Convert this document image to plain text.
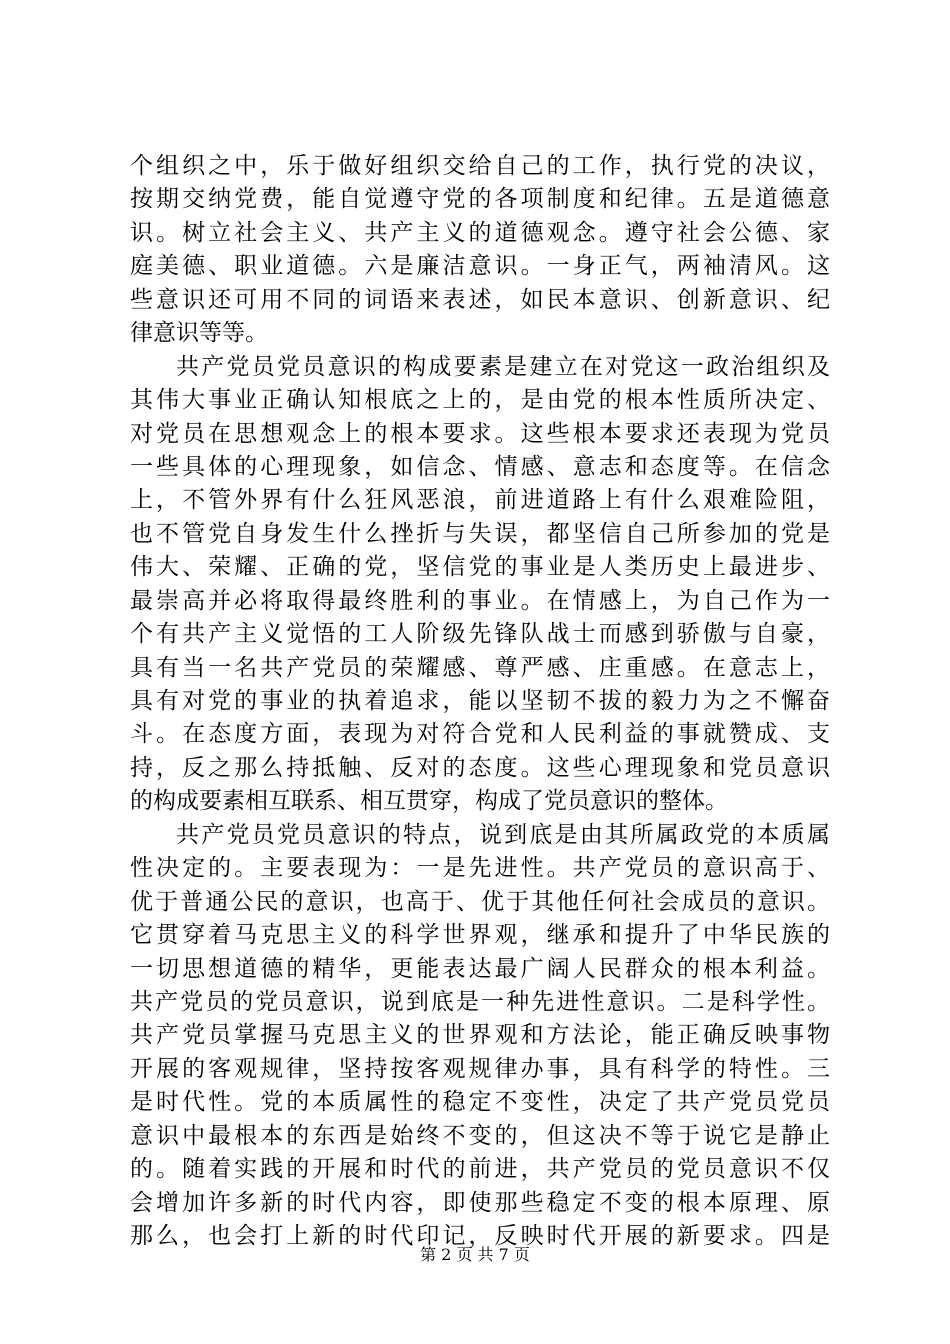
个组织之中，乐于做好组织交给自己的工作，执行党的决议，
按期交纳党费，能自觉遵守党的各项制度和纪律。五是道德意
识。树立社会主义、共产主义的道德观念。遵守社会公德、家
庭美德、职业道德。六是廉洁意识。一身正气，两袖清风。这
些意识还可用不同的词语来表述，如民本意识、创新意识、纪
律意识等等。
共产党员党员意识的构成要素是建立在对党这一政治组织及
其伟大事业正确认知根底之上的，是由党的根本性质所决定、
对党员在思想观念上的根本要求。这些根本要求还表现为党员
一些具体的心理现象，如信念、情感、意志和态度等。在信念
上，不管外界有什么狂风恶浪，前进道路上有什么艰难险阻，
也不管党自身发生什么挫折与失误，都坚信自己所参加的党是
伟大、荣耀、正确的党，坚信党的事业是人类历史上最进步、
最崇高并必将取得最终胜利的事业。在情感上，为自己作为一
个有共产主义觉悟的工人阶级先锋队战士而感到骄傲与自豪，
具有当一名共产党员的荣耀感、尊严感、庄重感。在意志上，
具有对党的事业的执着追求，能以坚韧不拔的毅力为之不懈奋
斗。在态度方面，表现为对符合党和人民利益的事就赞成、支
持，反之那么持抵触、反对的态度。这些心理现象和党员意识
的构成要素相互联系、相互贯穿，构成了党员意识的整体。
共产党员党员意识的特点，说到底是由其所属政党的本质属
性决定的。主要表现为：一是先进性。共产党员的意识高于、
优于普通公民的意识，也高于、优于其他任何社会成员的意识。
它贯穿着马克思主义的科学世界观，继承和提升了中华民族的
一切思想道德的精华，更能表达最广阔人民群众的根本利益。
共产党员的党员意识，说到底是一种先进性意识。二是科学性。
共产党员掌握马克思主义的世界观和方法论，能正确反映事物
开展的客观规律，坚持按客观规律办事，具有科学的特性。三
是时代性。党的本质属性的稳定不变性，决定了共产党员党员
意识中最根本的东西是始终不变的，但这决不等于说它是静止
的。随着实践的开展和时代的前进，共产党员的党员意识不仅
会增加许多新的时代内容，即使那些稳定不变的根本原理、原
那么，也会打上新的时代印记，反映时代开展的新要求。四是
第 2 页 共 7 页
